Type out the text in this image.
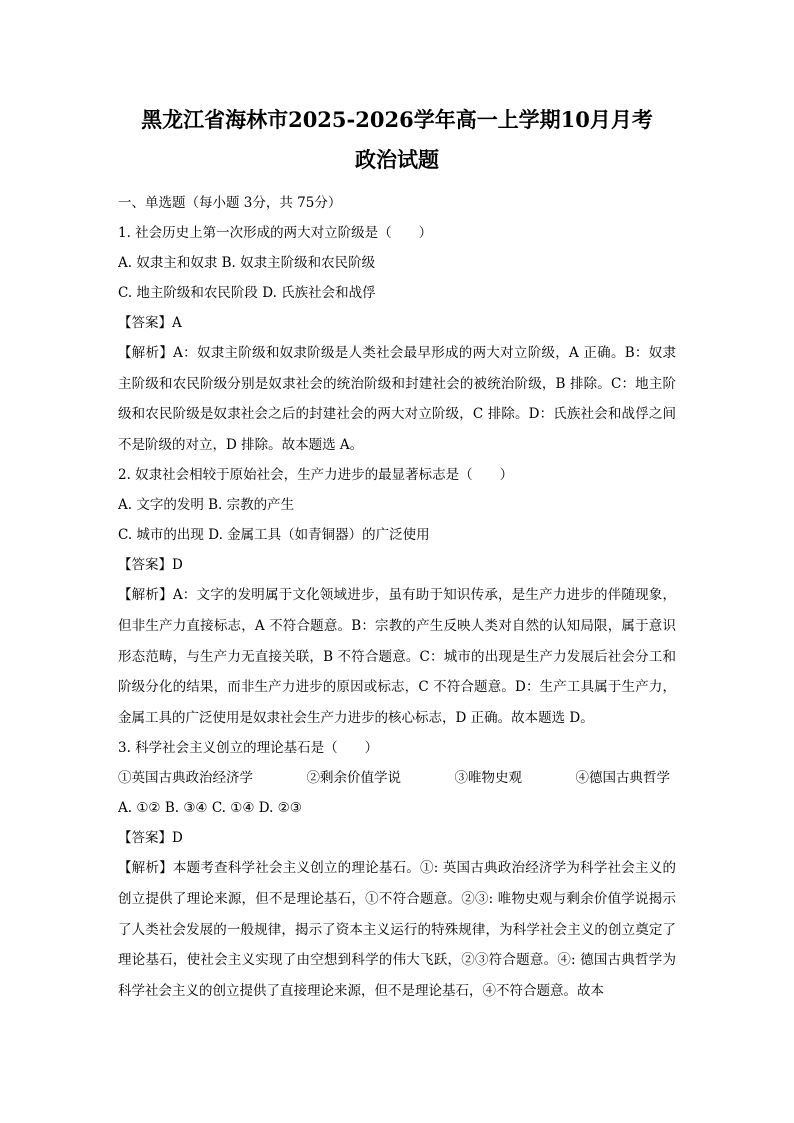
黑龙江省海林市2025-2026学年高一上学期10月月考
政治试题
一、单选题（每小题 3分，共 75分）
1. 社会历史上第一次形成的两大对立阶级是（　　）
A. 奴隶主和奴隶 B. 奴隶主阶级和农民阶级
C. 地主阶级和农民阶段 D. 氏族社会和战俘
【答案】A
【解析】A：奴隶主阶级和奴隶阶级是人类社会最早形成的两大对立阶级，A 正确。B：奴隶主阶级和农民阶级分别是奴隶社会的统治阶级和封建社会的被统治阶级，B 排除。C：地主阶级和农民阶级是奴隶社会之后的封建社会的两大对立阶级，C 排除。D：氏族社会和战俘之间不是阶级的对立，D 排除。故本题选 A。
2. 奴隶社会相较于原始社会，生产力进步的最显著标志是（　　）
A. 文字的发明 B. 宗教的产生
C. 城市的出现 D. 金属工具（如青铜器）的广泛使用
【答案】D
【解析】A：文字的发明属于文化领域进步，虽有助于知识传承，是生产力进步的伴随现象，但非生产力直接标志，A 不符合题意。B：宗教的产生反映人类对自然的认知局限，属于意识形态范畴，与生产力无直接关联，B 不符合题意。C：城市的出现是生产力发展后社会分工和阶级分化的结果，而非生产力进步的原因或标志，C 不符合题意。D：生产工具属于生产力，金属工具的广泛使用是奴隶社会生产力进步的核心标志，D 正确。故本题选 D。
3. 科学社会主义创立的理论基石是（　　）
①英国古典政治经济学	②剩余价值学说	③唯物史观	④德国古典哲学
A. ①② B. ③④ C. ①④ D. ②③
【答案】D
【解析】本题考查科学社会主义创立的理论基石。①: 英国古典政治经济学为科学社会主义的创立提供了理论来源，但不是理论基石，①不符合题意。②③: 唯物史观与剩余价值学说揭示了人类社会发展的一般规律，揭示了资本主义运行的特殊规律，为科学社会主义的创立奠定了理论基石，使社会主义实现了由空想到科学的伟大飞跃，②③符合题意。④: 德国古典哲学为科学社会主义的创立提供了直接理论来源，但不是理论基石，④不符合题意。故本
